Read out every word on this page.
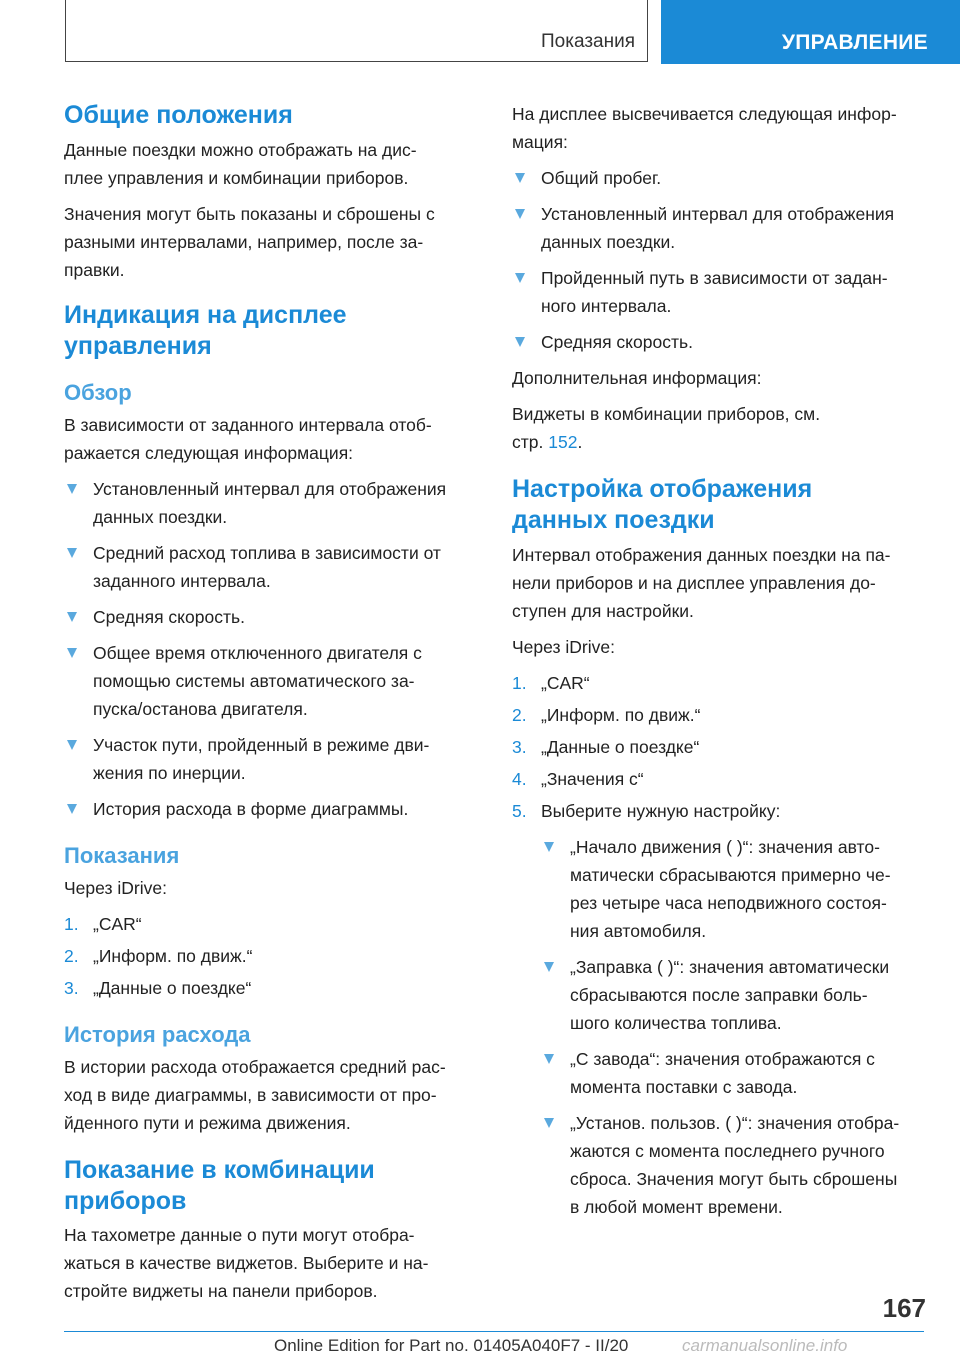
Показания	УПРАВЛЕНИЕ
Общие положения

Данные поездки можно отображать на дис-
плее управления и комбинации приборов.

Значения могут быть показаны и сброшены с
разными интервалами, например, после за-
правки.

Индикация на дисплее
управления
Обзор

В зависимости от заданного интервала отоб-
ражается следующая информация:

Установленный интервал для отображения
данных поездки.
Средний расход топлива в зависимости от
заданного интервала.
Средняя скорость.
Общее время отключенного двигателя с
помощью системы автоматического за-
пуска/останова двигателя.
Участок пути, пройденный в режиме дви-
жения по инерции.
История расхода в форме диаграммы.
Показания

Через iDrive:

1. „CAR“
2. „Информ. по движ.“
3. „Данные о поездке“
История расхода

В истории расхода отображается средний рас-
ход в виде диаграммы, в зависимости от про-
йденного пути и режима движения.

Показание в комбинации
приборов

На тахометре данные о пути могут отобра-
жаться в качестве виджетов. Выберите и на-
стройте виджеты на панели приборов.

На дисплее высвечивается следующая инфор-
мация:

Общий пробег.
Установленный интервал для отображения
данных поездки.
Пройденный путь в зависимости от задан-
ного интервала.
Средняя скорость.

Дополнительная информация:

Виджеты в комбинации приборов, см.
стр. 152.

Настройка отображения
данных поездки

Интервал отображения данных поездки на па-
нели приборов и на дисплее управления до-
ступен для настройки.

Через iDrive:

1. „CAR“
2. „Информ. по движ.“
3. „Данные о поездке“
4. „Значения с“
5. Выберите нужную настройку:
„Начало движения ( )“: значения авто-
матически сбрасываются примерно че-
рез четыре часа неподвижного состоя-
ния автомобиля.
„Заправка ( )“: значения автоматически
сбрасываются после заправки боль-
шого количества топлива.
„С завода“: значения отображаются с
момента поставки с завода.
„Установ. пользов. ( )“: значения отобра-
жаются с момента последнего ручного
сброса. Значения могут быть сброшены
в любой момент времени.
167
Online Edition for Part no. 01405A040F7 - II/20	carmanualsonline.info
